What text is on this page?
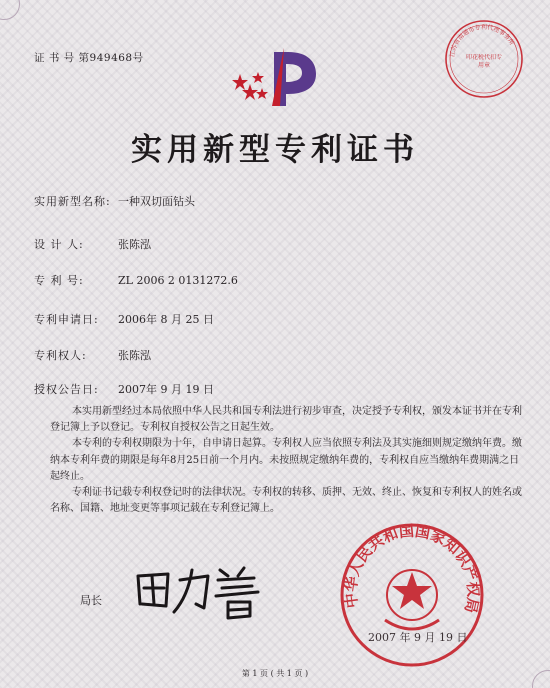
证 书 号 第949468号	江苏省南通市专利代理事务所
印花税代扣专用章
实用新型专利证书
实用新型名称: 一种双切面钻头
设 计 人:	张陈泓
专 利 号:	ZL 2006 2 0131272.6
专利申请日: 2006年 8 月 25 日
专利权人:	张陈泓
授权公告日: 2007年 9 月 19 日

本实用新型经过本局依照中华人民共和国专利法进行初步审查，决定授予专利权，颁发本证书并在专利登记簿上予以登记。专利权自授权公告之日起生效。

本专利的专利权期限为十年，自申请日起算。专利权人应当依照专利法及其实施细则规定缴纳年费。缴纳本专利年费的期限是每年8月25日前一个月内。未按照规定缴纳年费的，专利权自应当缴纳年费期满之日起终止。

专利证书记载专利权登记时的法律状况。专利权的转移、质押、无效、终止、恢复和专利权人的姓名或名称、国籍、地址变更等事项记载在专利登记簿上。

局长	中华人民共和国国家知识产权局
2007 年 9 月 19 日
第 1 页 ( 共 1 页 )
